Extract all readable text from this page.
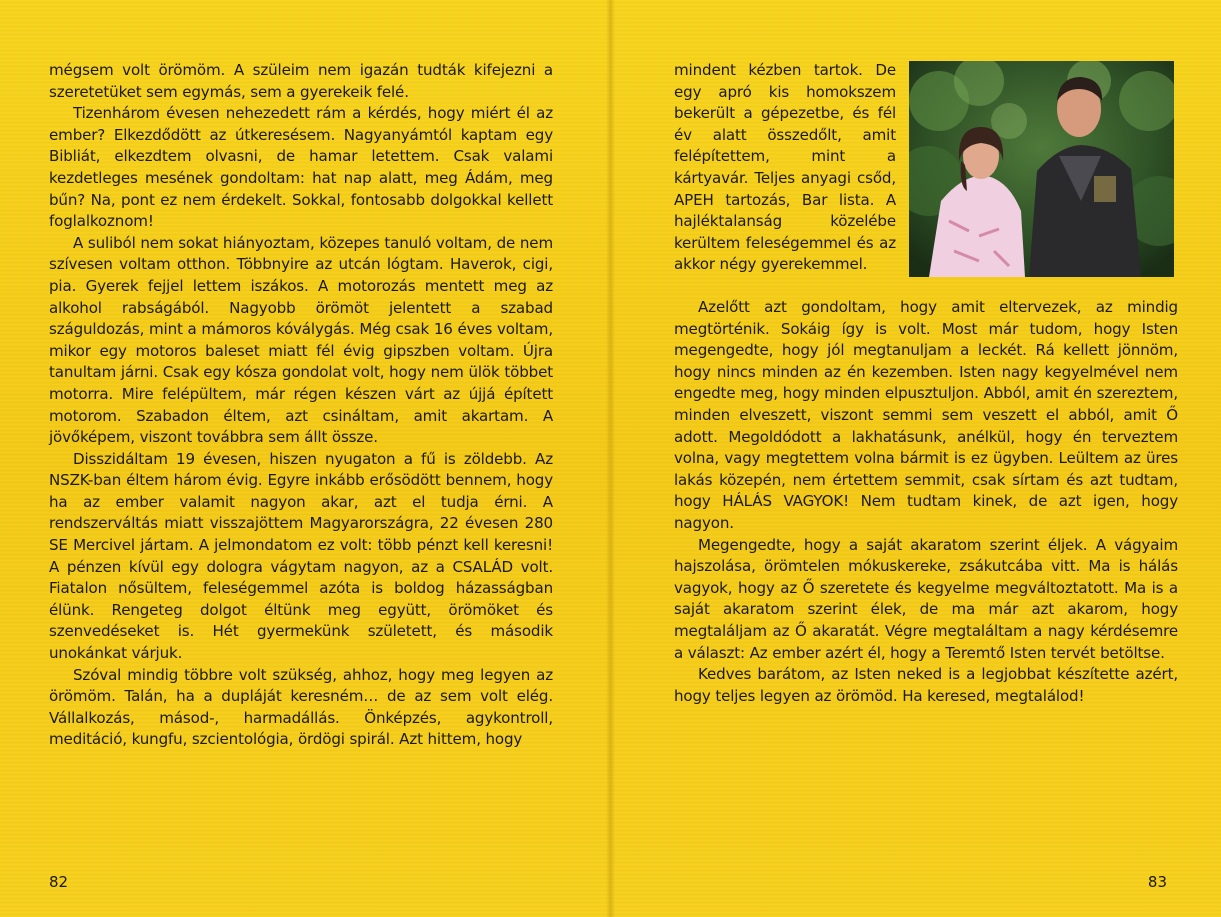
mégsem volt örömöm. A szüleim nem igazán tudták kifejezni a szeretetüket sem egymás, sem a gyerekeik felé.

Tizenhárom évesen nehezedett rám a kérdés, hogy miért él az ember? Elkezdődött az útkeresésem. Nagyanyámtól kaptam egy Bibliát, elkezdtem olvasni, de hamar letettem. Csak valami kezdetleges mesének gondoltam: hat nap alatt, meg Ádám, meg bűn? Na, pont ez nem érdekelt. Sokkal, fontosabb dolgokkal kellett foglalkoznom!

A suliból nem sokat hiányoztam, közepes tanuló voltam, de nem szívesen voltam otthon. Többnyire az utcán lógtam. Haverok, cigi, pia. Gyerek fejjel lettem iszákos. A motorozás mentett meg az alkohol rabságából. Nagyobb örömöt jelentett a szabad száguldozás, mint a mámoros kóválygás. Még csak 16 éves voltam, mikor egy motoros baleset miatt fél évig gipszben voltam. Újra tanultam járni. Csak egy kósza gondolat volt, hogy nem ülök többet motorra. Mire felépültem, már régen készen várt az újjá épített motorom. Szabadon éltem, azt csináltam, amit akartam. A jövőképem, viszont továbbra sem állt össze.

Disszidáltam 19 évesen, hiszen nyugaton a fű is zöldebb. Az NSZK-ban éltem három évig. Egyre inkább erősödött bennem, hogy ha az ember valamit nagyon akar, azt el tudja érni. A rendszerváltás miatt visszajöttem Magyarországra, 22 évesen 280 SE Mercivel jártam. A jelmondatom ez volt: több pénzt kell keresni! A pénzen kívül egy dologra vágytam nagyon, az a CSALÁD volt. Fiatalon nősültem, feleségemmel azóta is boldog házasságban élünk. Rengeteg dolgot éltünk meg együtt, örömöket és szenvedéseket is. Hét gyermekünk született, és második unokánkat várjuk.

Szóval mindig többre volt szükség, ahhoz, hogy meg legyen az örömöm. Talán, ha a dupláját keresném… de az sem volt elég. Vállalkozás, másod-, harmadállás. Önképzés, agykontroll, meditáció, kungfu, szcientológia, ördögi spirál. Azt hittem, hogy

82

mindent kézben tartok. De egy apró kis homokszem bekerült a gépezetbe, és fél év alatt összedőlt, amit felépítettem, mint a kártyavár. Teljes anyagi csőd, APEH tartozás, Bar lista. A hajléktalanság közelébe kerültem feleségemmel és az akkor négy gyerekemmel.

Azelőtt azt gondoltam, hogy amit eltervezek, az mindig megtörténik. Sokáig így is volt. Most már tudom, hogy Isten megengedte, hogy jól megtanuljam a leckét. Rá kellett jönnöm, hogy nincs minden az én kezemben. Isten nagy kegyelmével nem engedte meg, hogy minden elpusztuljon. Abból, amit én szereztem, minden elveszett, viszont semmi sem veszett el abból, amit Ő adott. Megoldódott a lakhatásunk, anélkül, hogy én terveztem volna, vagy megtettem volna bármit is ez ügyben. Leültem az üres lakás közepén, nem értettem semmit, csak sírtam és azt tudtam, hogy HÁLÁS VAGYOK! Nem tudtam kinek, de azt igen, hogy nagyon.

Megengedte, hogy a saját akaratom szerint éljek. A vágyaim hajszolása, örömtelen mókuskereke, zsákutcába vitt. Ma is hálás vagyok, hogy az Ő szeretete és kegyelme megváltoztatott. Ma is a saját akaratom szerint élek, de ma már azt akarom, hogy megtaláljam az Ő akaratát. Végre megtaláltam a nagy kérdésemre a választ: Az ember azért él, hogy a Teremtő Isten tervét betöltse.

Kedves barátom, az Isten neked is a legjobbat készítette azért, hogy teljes legyen az örömöd. Ha keresed, megtalálod!

83
